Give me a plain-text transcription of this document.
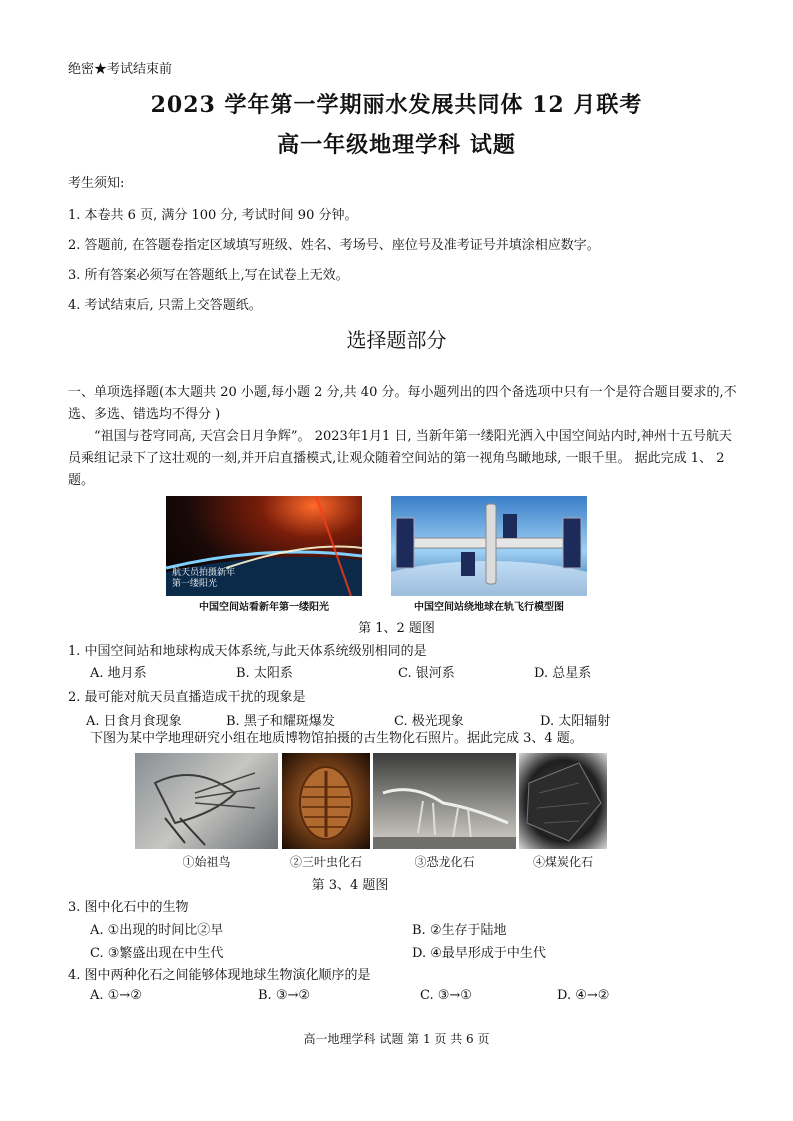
绝密★考试结束前
2023 学年第一学期丽水发展共同体 12 月联考
高一年级地理学科 试题
考生须知:
1. 本卷共 6 页, 满分 100 分, 考试时间 90 分钟。
2. 答题前, 在答题卷指定区域填写班级、姓名、考场号、座位号及准考证号并填涂相应数字。
3. 所有答案必须写在答题纸上,写在试卷上无效。
4. 考试结束后, 只需上交答题纸。
选择题部分
一、单项选择题(本大题共 20 小题,每小题 2 分,共 40 分。每小题列出的四个备选项中只有一个是符合题目要求的,不选、多选、错选均不得分 )
“祖国与苍穹同高, 天宫会日月争辉”。 2023年1月1 日, 当新年第一缕阳光洒入中国空间站内时,神州十五号航天员乘组记录下了这壮观的一刻,并开启直播模式,让观众随着空间站的第一视角鸟瞰地球, 一眼千里。 据此完成 1、 2题。
航天员拍摄新年
第一缕阳光
中国空间站看新年第一缕阳光	中国空间站绕地球在轨飞行模型图
第 1、2 题图
1. 中国空间站和地球构成天体系统,与此天体系统级别相同的是
A. 地月系	B. 太阳系	C. 银河系	D. 总星系
2. 最可能对航天员直播造成干扰的现象是
A. 日食月食现象	B. 黑子和耀斑爆发	C. 极光现象	D. 太阳辐射
下图为某中学地理研究小组在地质博物馆拍摄的古生物化石照片。据此完成 3、4 题。
①始祖鸟	②三叶虫化石	③恐龙化石	④煤炭化石
第 3、4 题图
3. 图中化石中的生物
A. ①出现的时间比②早	B. ②生存于陆地
C. ③繁盛出现在中生代	D. ④最早形成于中生代
4. 图中两种化石之间能够体现地球生物演化顺序的是
A. ①→②	B. ③→②	C. ③→①	D. ④→②
高一地理学科 试题 第 1 页 共 6 页
